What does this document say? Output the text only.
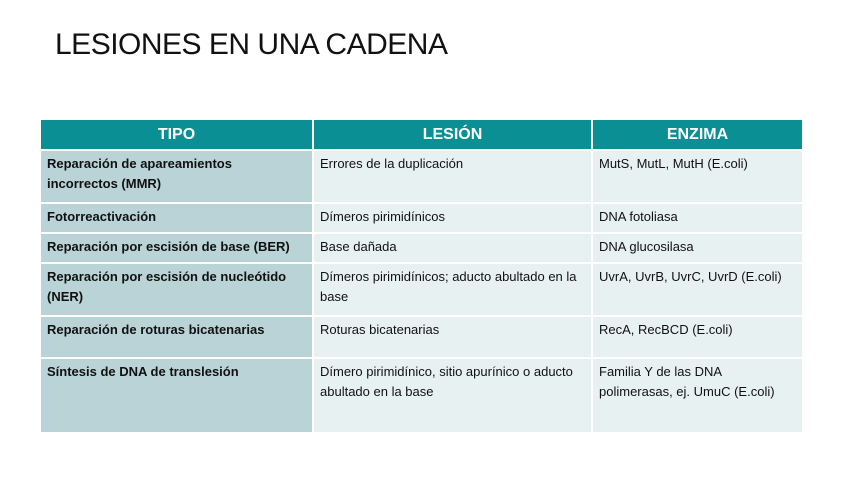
LESIONES EN UNA CADENA
TIPO	LESIÓN	ENZIMA
Reparación de apareamientos incorrectos (MMR)	Errores de la duplicación	MutS, MutL, MutH (E.coli)
Fotorreactivación	Dímeros pirimidínicos	DNA fotoliasa
Reparación por escisión de base (BER)	Base dañada	DNA glucosilasa
Reparación por escisión de nucleótido (NER)	Dímeros pirimidínicos; aducto abultado en la base	UvrA, UvrB, UvrC, UvrD (E.coli)
Reparación de roturas bicatenarias	Roturas bicatenarias	RecA, RecBCD (E.coli)
Síntesis de DNA de translesión	Dímero pirimidínico, sitio apurínico o aducto abultado en la base	Familia Y de las DNA polimerasas, ej. UmuC (E.coli)
